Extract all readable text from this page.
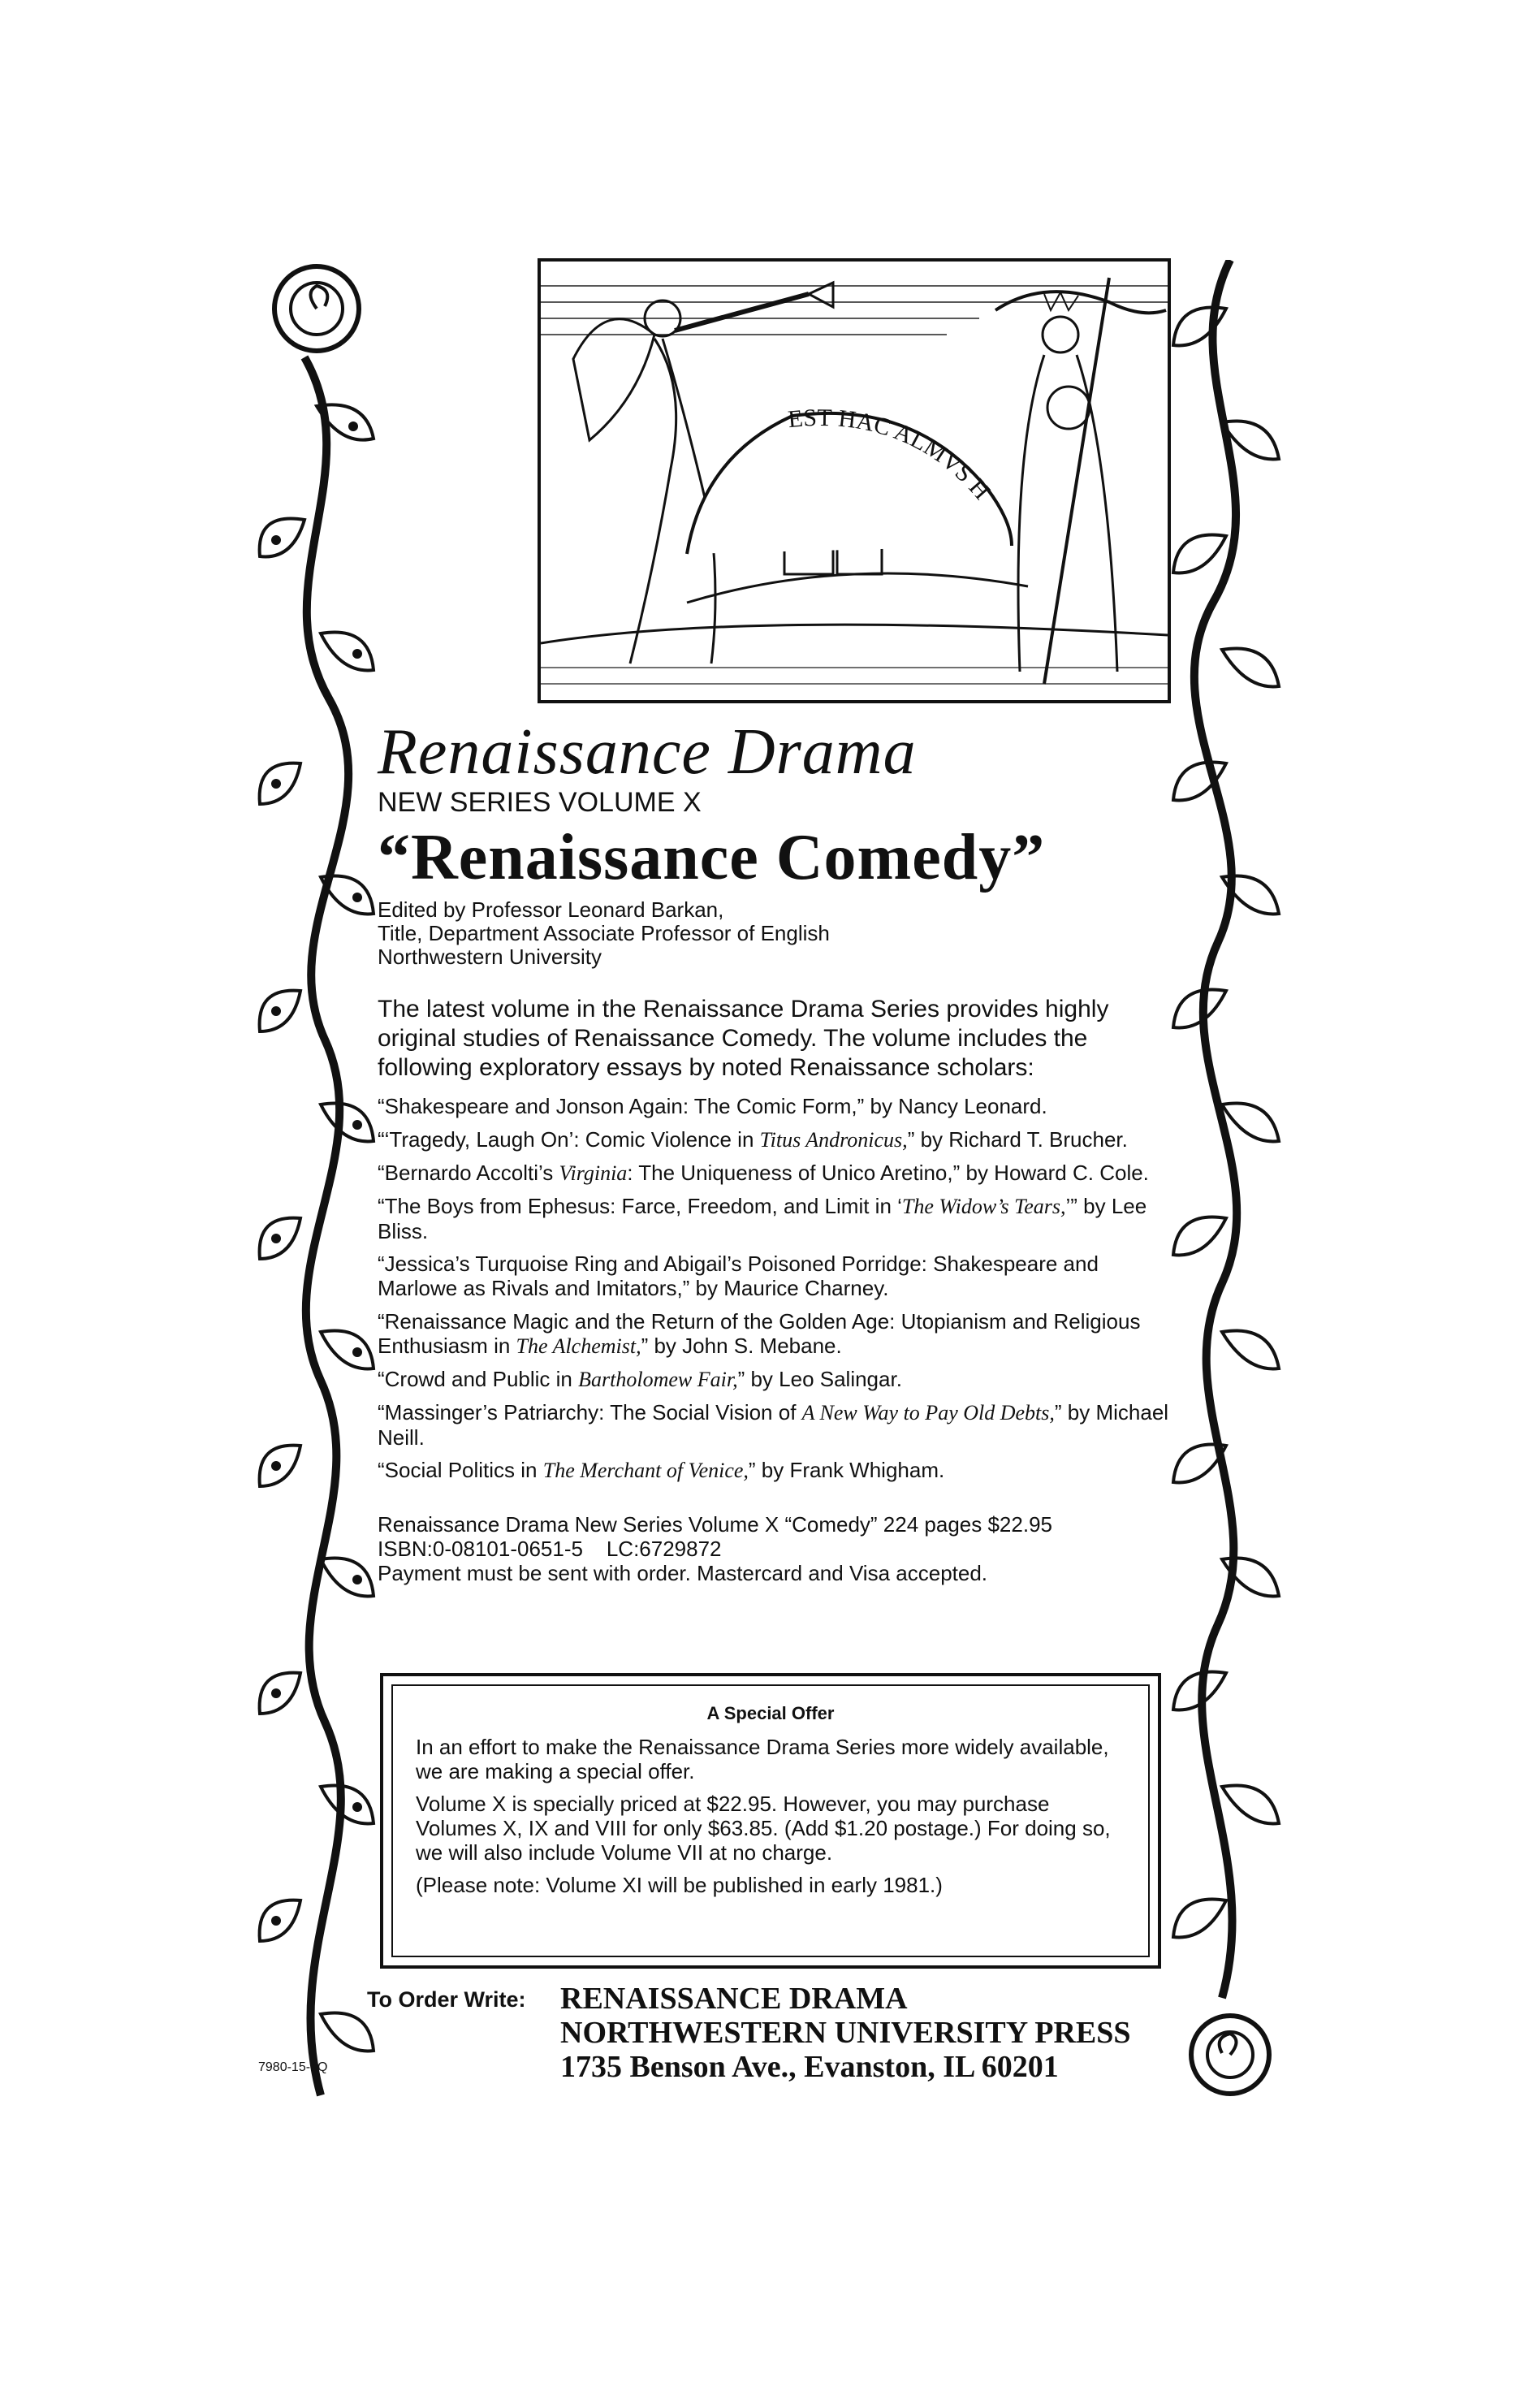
EST HAC ALMVS H
Renaissance Drama
NEW SERIES VOLUME X
“Renaissance Comedy”
Edited by Professor Leonard Barkan,
Title, Department Associate Professor of English
Northwestern University
The latest volume in the Renaissance Drama Series provides highly original studies of Renaissance Comedy. The volume includes the following exploratory essays by noted Renaissance scholars:
“Shakespeare and Jonson Again: The Comic Form,” by Nancy Leonard.
“‘Tragedy, Laugh On’: Comic Violence in Titus Andronicus,” by Richard T. Brucher.
“Bernardo Accolti’s Virginia: The Uniqueness of Unico Aretino,” by Howard C. Cole.
“The Boys from Ephesus: Farce, Freedom, and Limit in ‘The Widow’s Tears,’” by Lee Bliss.
“Jessica’s Turquoise Ring and Abigail’s Poisoned Porridge: Shakespeare and Marlowe as Rivals and Imitators,” by Maurice Charney.
“Renaissance Magic and the Return of the Golden Age: Utopianism and Religious Enthusiasm in The Alchemist,” by John S. Mebane.
“Crowd and Public in Bartholomew Fair,” by Leo Salingar.
“Massinger’s Patriarchy: The Social Vision of A New Way to Pay Old Debts,” by Michael Neill.
“Social Politics in The Merchant of Venice,” by Frank Whigham.
Renaissance Drama New Series Volume X “Comedy” 224 pages $22.95
ISBN:0-08101-0651-5    LC:6729872
Payment must be sent with order. Mastercard and Visa accepted.
A Special Offer

In an effort to make the Renaissance Drama Series more widely available, we are making a special offer.

Volume X is specially priced at $22.95. However, you may purchase Volumes X, IX and VIII for only $63.85. (Add $1.20 postage.) For doing so, we will also include Volume VII at no charge.

(Please note: Volume XI will be published in early 1981.)

To Order Write: RENAISSANCE DRAMA
NORTHWESTERN UNIVERSITY PRESS
1735 Benson Ave., Evanston, IL 60201
7980-15-. Q
